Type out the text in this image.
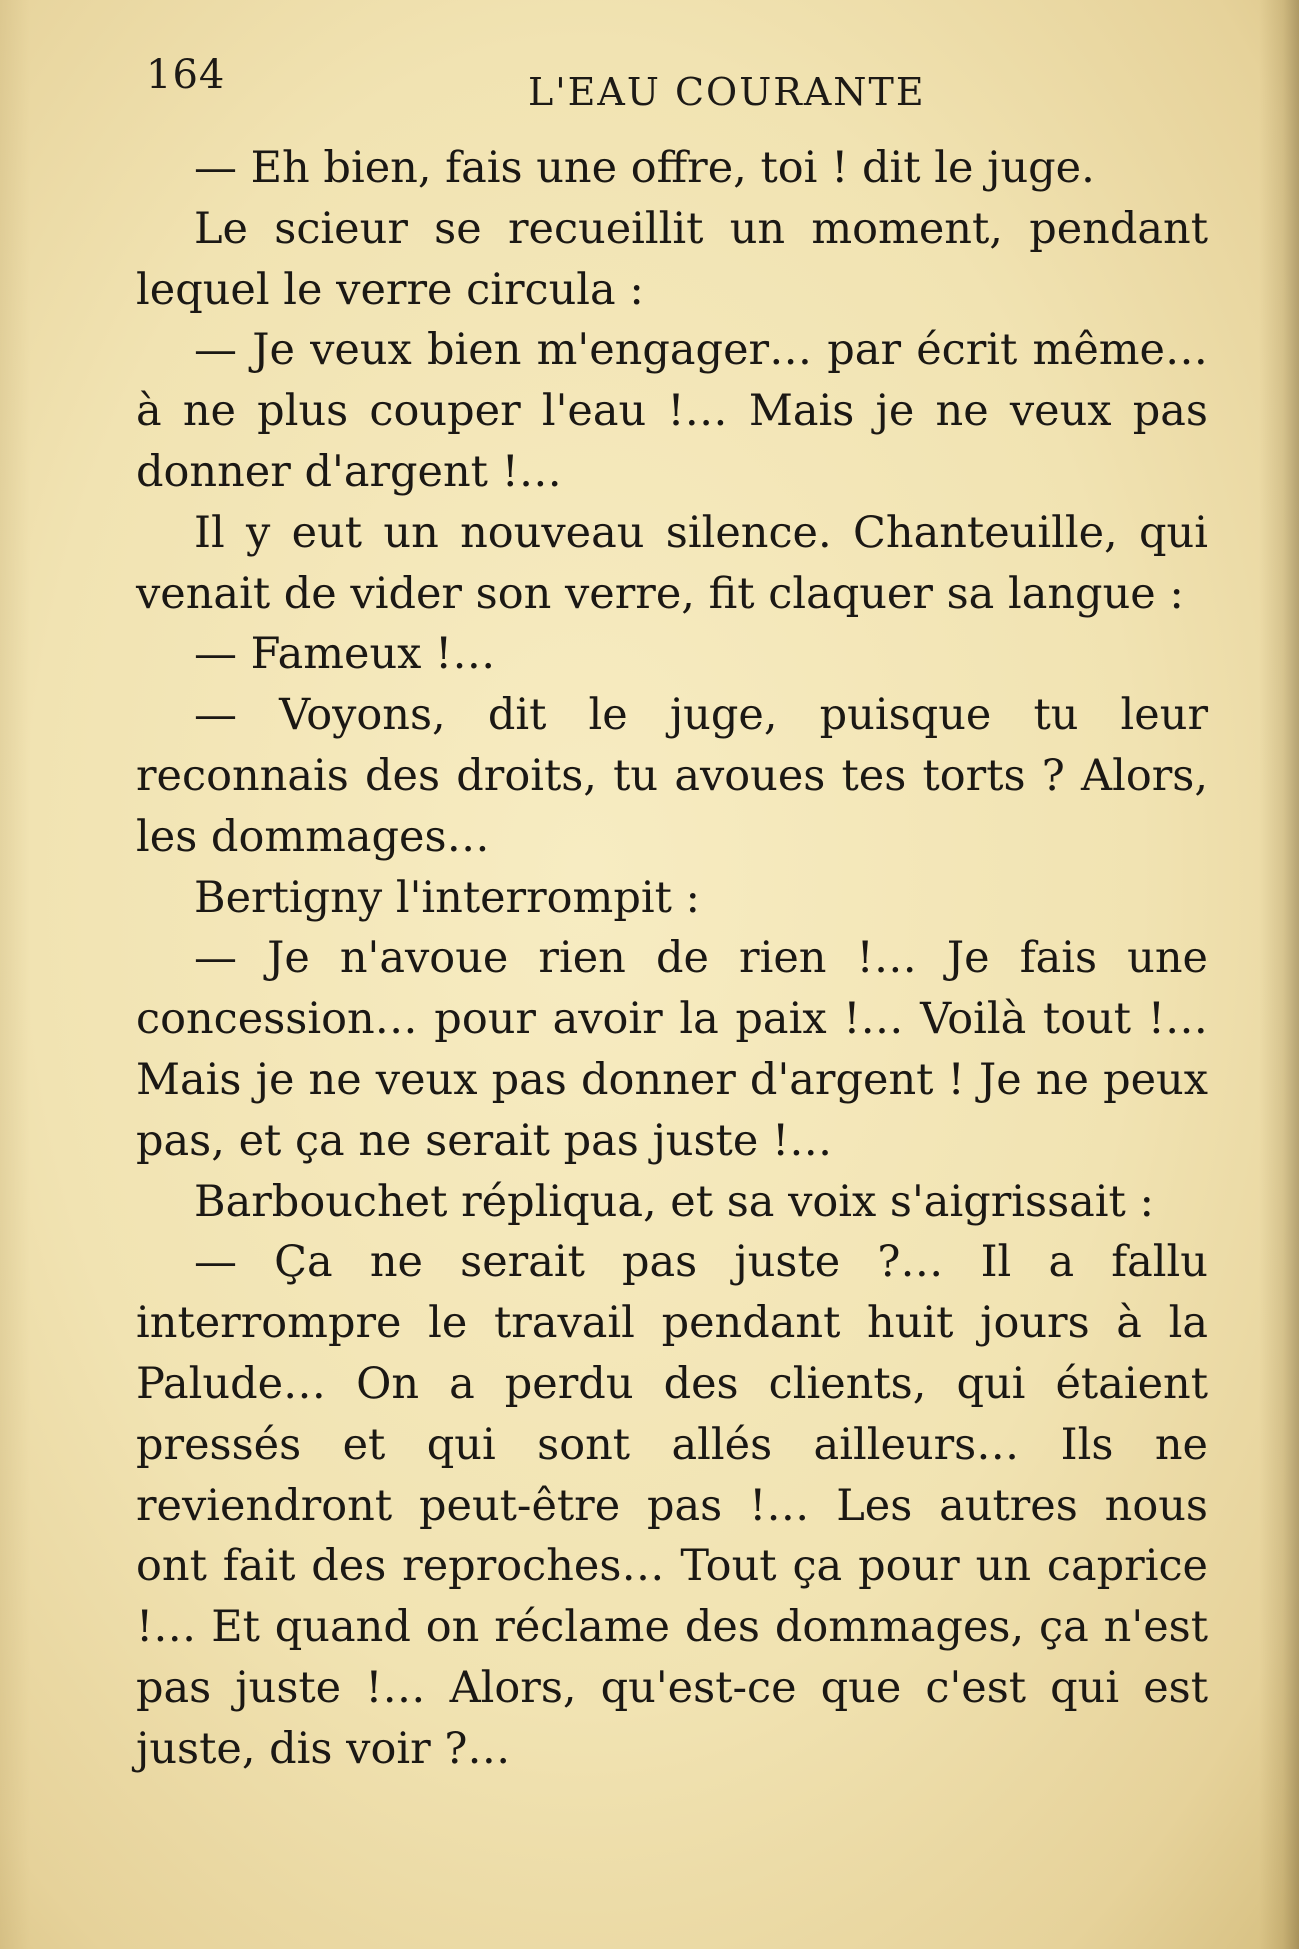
164	L'EAU COURANTE

— Eh bien, fais une offre, toi ! dit le juge.

Le scieur se recueillit un moment, pendant lequel le verre circula :

— Je veux bien m'engager… par écrit même… à ne plus couper l'eau !… Mais je ne veux pas donner d'argent !…

Il y eut un nouveau silence. Chanteuille, qui venait de vider son verre, fit claquer sa langue :

— Fameux !…

— Voyons, dit le juge, puisque tu leur reconnais des droits, tu avoues tes torts ? Alors, les dommages…

Bertigny l'interrompit :

— Je n'avoue rien de rien !… Je fais une concession… pour avoir la paix !… Voilà tout !… Mais je ne veux pas donner d'argent ! Je ne peux pas, et ça ne serait pas juste !…

Barbouchet répliqua, et sa voix s'aigrissait :

— Ça ne serait pas juste ?… Il a fallu interrompre le travail pendant huit jours à la Palude… On a perdu des clients, qui étaient pressés et qui sont allés ailleurs… Ils ne reviendront peut-être pas !… Les autres nous ont fait des reproches… Tout ça pour un caprice !… Et quand on réclame des dommages, ça n'est pas juste !… Alors, qu'est-ce que c'est qui est juste, dis voir ?…
